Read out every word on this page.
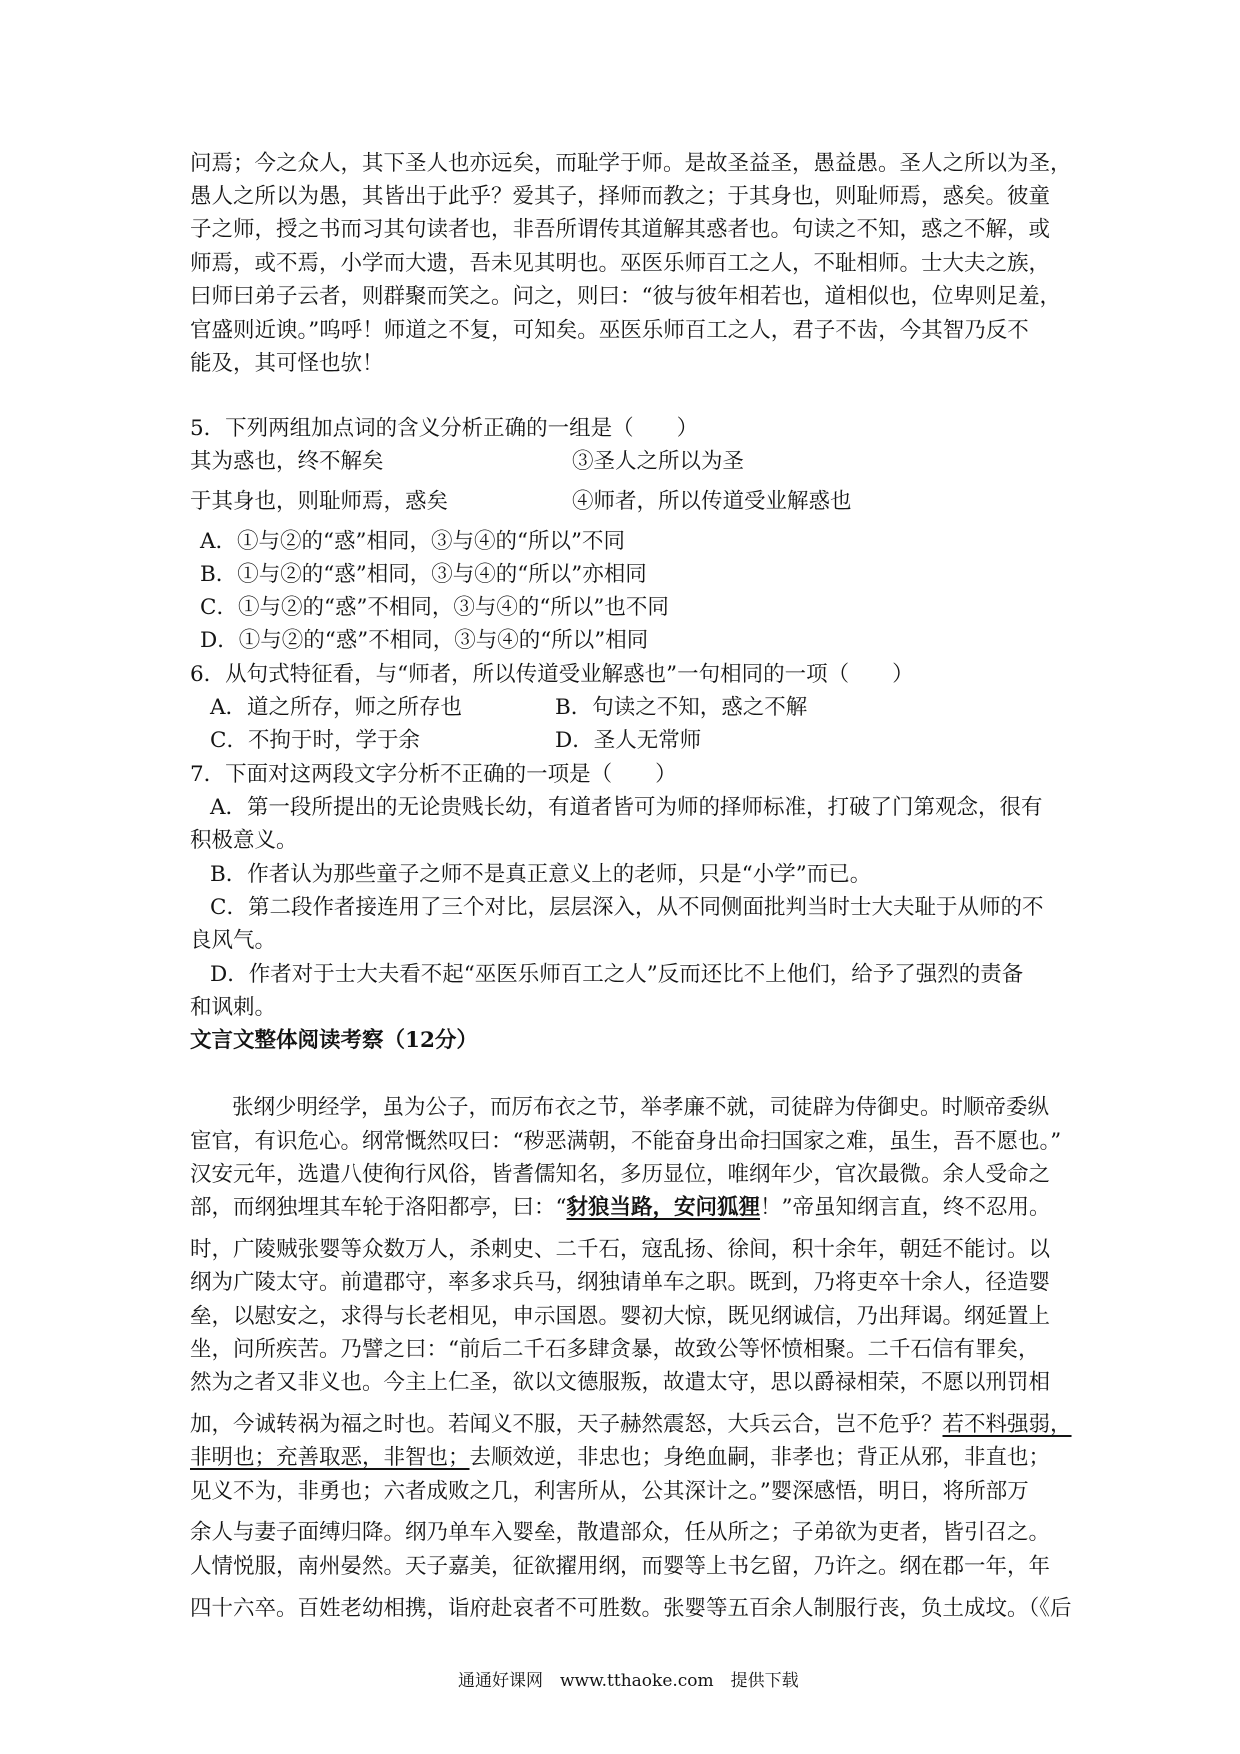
问焉；今之众人，其下圣人也亦远矣，而耻学于师。是故圣益圣，愚益愚。圣人之所以为圣，
愚人之所以为愚，其皆出于此乎？爱其子，择师而教之；于其身也，则耻师焉，惑矣。彼童
子之师，授之书而习其句读者也，非吾所谓传其道解其惑者也。句读之不知，惑之不解，或
师焉，或不焉，小学而大遗，吾未见其明也。巫医乐师百工之人，不耻相师。士大夫之族，
曰师曰弟子云者，则群聚而笑之。问之，则曰：“彼与彼年相若也，道相似也，位卑则足羞，
官盛则近谀。”呜呼！师道之不复，可知矣。巫医乐师百工之人，君子不齿，今其智乃反不
能及，其可怪也欤！
5．下列两组加点词的含义分析正确的一组是（　　）
其为惑也，终不解矣	③圣人之所以为圣
于其身也，则耻师焉，惑矣	④师者，所以传道受业解惑也
A．①与②的“惑”相同，③与④的“所以”不同
B．①与②的“惑”相同，③与④的“所以”亦相同
C．①与②的“惑”不相同，③与④的“所以”也不同
D．①与②的“惑”不相同，③与④的“所以”相同
6．从句式特征看，与“师者，所以传道受业解惑也”一句相同的一项（　　）
A．道之所存，师之所存也	B．句读之不知，惑之不解
C．不拘于时，学于余	D．圣人无常师
7．下面对这两段文字分析不正确的一项是（　　）
A．第一段所提出的无论贵贱长幼，有道者皆可为师的择师标准，打破了门第观念，很有
积极意义。
B．作者认为那些童子之师不是真正意义上的老师，只是“小学”而已。
C．第二段作者接连用了三个对比，层层深入，从不同侧面批判当时士大夫耻于从师的不
良风气。
D．作者对于士大夫看不起“巫医乐师百工之人”反而还比不上他们，给予了强烈的责备
和讽刺。
文言文整体阅读考察（12分）
张纲少明经学，虽为公子，而厉布衣之节，举孝廉不就，司徒辟为侍御史。时顺帝委纵
宦官，有识危心。纲常慨然叹曰：“秽恶满朝，不能奋身出命扫国家之难，虽生，吾不愿也。”
汉安元年，选遣八使徇行风俗，皆耆儒知名，多历显位，唯纲年少，官次最微。余人受命之
部，而纲独埋其车轮于洛阳都亭，曰：“豺狼当路，安问狐狸！”帝虽知纲言直，终不忍用。
时，广陵贼张婴等众数万人，杀刺史、二千石，寇乱扬、徐间，积十余年，朝廷不能讨。以
纲为广陵太守。前遣郡守，率多求兵马，纲独请单车之职。既到，乃将吏卒十余人，径造婴
垒，以慰安之，求得与长老相见，申示国恩。婴初大惊，既见纲诚信，乃出拜谒。纲延置上
坐，问所疾苦。乃譬之曰：“前后二千石多肆贪暴，故致公等怀愤相聚。二千石信有罪矣，
然为之者又非义也。今主上仁圣，欲以文德服叛，故遣太守，思以爵禄相荣，不愿以刑罚相
加，今诚转祸为福之时也。若闻义不服，天子赫然震怒，大兵云合，岂不危乎？若不料强弱，
非明也；充善取恶，非智也；去顺效逆，非忠也；身绝血嗣，非孝也；背正从邪，非直也；
见义不为，非勇也；六者成败之几，利害所从，公其深计之。”婴深感悟，明日，将所部万
余人与妻子面缚归降。纲乃单车入婴垒，散遣部众，任从所之；子弟欲为吏者，皆引召之。
人情悦服，南州晏然。天子嘉美，征欲擢用纲，而婴等上书乞留，乃许之。纲在郡一年，年
四十六卒。百姓老幼相携，诣府赴哀者不可胜数。张婴等五百余人制服行丧，负土成坟。（《后
通通好课网　www.tthaoke.com　提供下载
